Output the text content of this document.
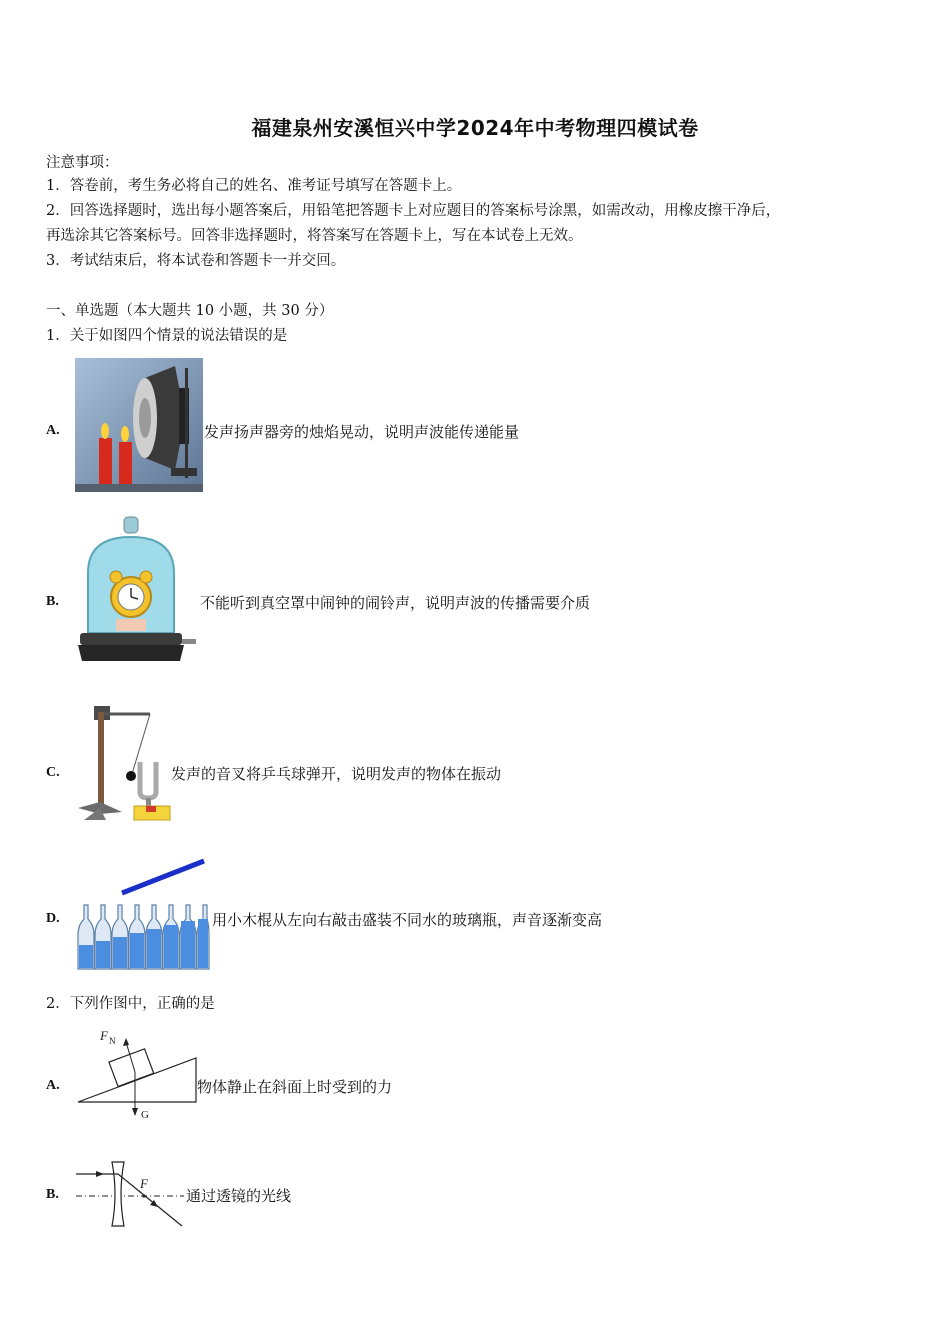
福建泉州安溪恒兴中学2024年中考物理四模试卷
注意事项：
1．答卷前，考生务必将自己的姓名、准考证号填写在答题卡上。
2．回答选择题时，选出每小题答案后，用铅笔把答题卡上对应题目的答案标号涂黑，如需改动，用橡皮擦干净后，
再选涂其它答案标号。回答非选择题时，将答案写在答题卡上，写在本试卷上无效。
3．考试结束后，将本试卷和答题卡一并交回。
一、单选题（本大题共 10 小题，共 30 分）
1．关于如图四个情景的说法错误的是
A.	发声扬声器旁的烛焰晃动，说明声波能传递能量
B.	不能听到真空罩中闹钟的闹铃声，说明声波的传播需要介质
C.	发声的音叉将乒乓球弹开，说明发声的物体在振动
D.	用小木棍从左向右敲击盛装不同水的玻璃瓶，声音逐渐变高
2．下列作图中，正确的是
A.
F N
G
物体静止在斜面上时受到的力
B.
F
通过透镜的光线
